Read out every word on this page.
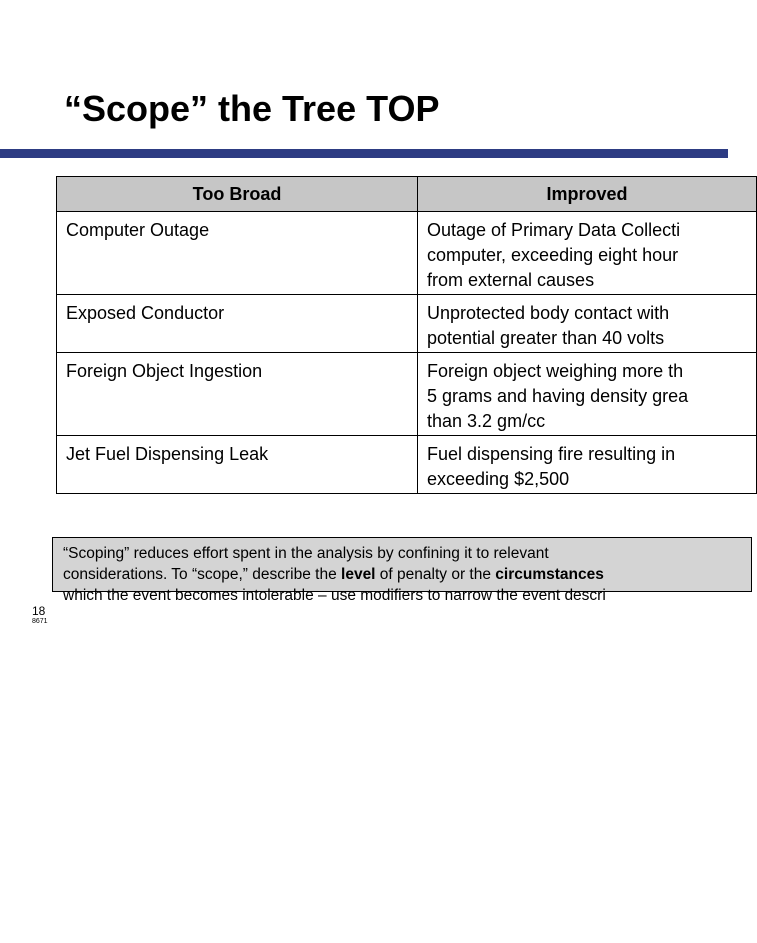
“Scope” the Tree TOP
Too Broad	Improved
Computer Outage	Outage of Primary Data Collecti
computer, exceeding eight hour
from external causes

Exposed Conductor	Unprotected body contact with
potential greater than 40 volts

Foreign Object Ingestion	Foreign object weighing more th
5 grams and having density grea
than 3.2 gm/cc

Jet Fuel Dispensing Leak	Fuel dispensing fire resulting in
exceeding $2,500
“Scoping” reduces effort spent in the analysis by confining it to relevant
considerations. To “scope,” describe the level of penalty or the circumstances
which the event becomes intolerable – use modifiers to narrow the event descri
18
8671
